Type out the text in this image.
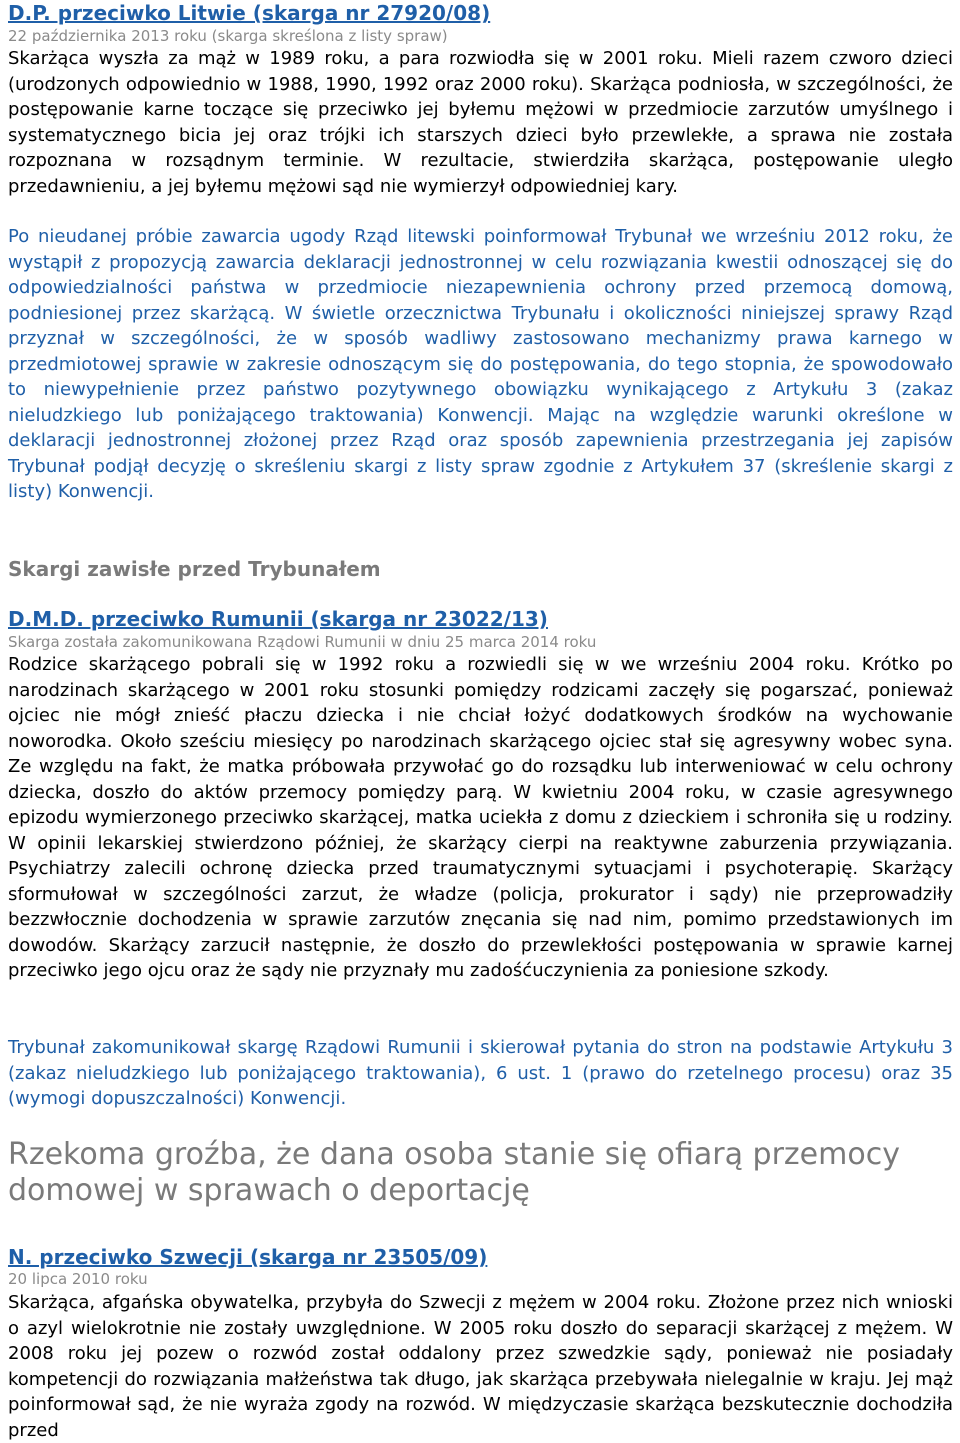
D.P. przeciwko Litwie (skarga nr 27920/08)
22 października 2013 roku (skarga skreślona z listy spraw)

Skarżąca wyszła za mąż w 1989 roku, a para rozwiodła się w 2001 roku. Mieli razem czworo dzieci (urodzonych odpowiednio w 1988, 1990, 1992 oraz 2000 roku). Skarżąca podniosła, w szczególności, że postępowanie karne toczące się przeciwko jej byłemu mężowi w przedmiocie zarzutów umyślnego i systematycznego bicia jej oraz trójki ich starszych dzieci było przewlekłe, a sprawa nie została rozpoznana w rozsądnym terminie. W rezultacie, stwierdziła skarżąca, postępowanie uległo przedawnieniu, a jej byłemu mężowi sąd nie wymierzył odpowiedniej kary.

Po nieudanej próbie zawarcia ugody Rząd litewski poinformował Trybunał we wrześniu 2012 roku, że wystąpił z propozycją zawarcia deklaracji jednostronnej w celu rozwiązania kwestii odnoszącej się do odpowiedzialności państwa w przedmiocie niezapewnienia ochrony przed przemocą domową, podniesionej przez skarżącą. W świetle orzecznictwa Trybunału i okoliczności niniejszej sprawy Rząd przyznał w szczególności, że w sposób wadliwy zastosowano mechanizmy prawa karnego w przedmiotowej sprawie w zakresie odnoszącym się do postępowania, do tego stopnia, że spowodowało to niewypełnienie przez państwo pozytywnego obowiązku wynikającego z Artykułu 3 (zakaz nieludzkiego lub poniżającego traktowania) Konwencji. Mając na względzie warunki określone w deklaracji jednostronnej złożonej przez Rząd oraz sposób zapewnienia przestrzegania jej zapisów Trybunał podjął decyzję o skreśleniu skargi z listy spraw zgodnie z Artykułem 37 (skreślenie skargi z listy) Konwencji.

Skargi zawisłe przed Trybunałem
D.M.D. przeciwko Rumunii (skarga nr 23022/13)
Skarga została zakomunikowana Rządowi Rumunii w dniu 25 marca 2014 roku

Rodzice skarżącego pobrali się w 1992 roku a rozwiedli się w we wrześniu 2004 roku. Krótko po narodzinach skarżącego w 2001 roku stosunki pomiędzy rodzicami zaczęły się pogarszać, ponieważ ojciec nie mógł znieść płaczu dziecka i nie chciał łożyć dodatkowych środków na wychowanie noworodka. Około sześciu miesięcy po narodzinach skarżącego ojciec stał się agresywny wobec syna. Ze względu na fakt, że matka próbowała przywołać go do rozsądku lub interweniować w celu ochrony dziecka, doszło do aktów przemocy pomiędzy parą. W kwietniu 2004 roku, w czasie agresywnego epizodu wymierzonego przeciwko skarżącej, matka uciekła z domu z dzieckiem i schroniła się u rodziny. W opinii lekarskiej stwierdzono później, że skarżący cierpi na reaktywne zaburzenia przywiązania. Psychiatrzy zalecili ochronę dziecka przed traumatycznymi sytuacjami i psychoterapię. Skarżący sformułował w szczególności zarzut, że władze (policja, prokurator i sądy) nie przeprowadziły bezzwłocznie dochodzenia w sprawie zarzutów znęcania się nad nim, pomimo przedstawionych im dowodów. Skarżący zarzucił następnie, że doszło do przewlekłości postępowania w sprawie karnej przeciwko jego ojcu oraz że sądy nie przyznały mu zadośćuczynienia za poniesione szkody.

Trybunał zakomunikował skargę Rządowi Rumunii i skierował pytania do stron na podstawie Artykułu 3 (zakaz nieludzkiego lub poniżającego traktowania), 6 ust. 1 (prawo do rzetelnego procesu) oraz 35 (wymogi dopuszczalności) Konwencji.

Rzekoma groźba, że dana osoba stanie się ofiarą przemocy domowej w sprawach o deportację
N. przeciwko Szwecji (skarga nr 23505/09)
20 lipca 2010 roku

Skarżąca, afgańska obywatelka, przybyła do Szwecji z mężem w 2004 roku. Złożone przez nich wnioski o azyl wielokrotnie nie zostały uwzględnione. W 2005 roku doszło do separacji skarżącej z mężem. W 2008 roku jej pozew o rozwód został oddalony przez szwedzkie sądy, ponieważ nie posiadały kompetencji do rozwiązania małżeństwa tak długo, jak skarżąca przebywała nielegalnie w kraju. Jej mąż poinformował sąd, że nie wyraża zgody na rozwód. W międzyczasie skarżąca bezskutecznie dochodziła przed
